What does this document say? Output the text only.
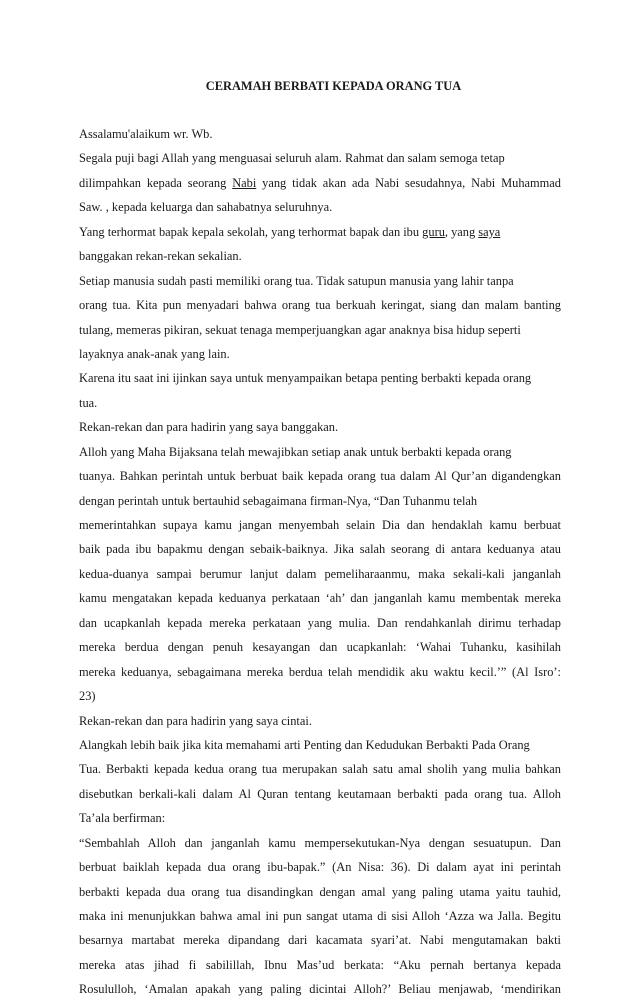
CERAMAH BERBATI KEPADA ORANG TUA
Assalamu'alaikum wr. Wb.
Segala puji bagi Allah yang menguasai seluruh alam. Rahmat dan salam semoga tetap
dilimpahkan kepada seorang Nabi yang tidak akan ada Nabi sesudahnya, Nabi Muhammad
Saw. , kepada keluarga dan sahabatnya seluruhnya.
Yang terhormat bapak kepala sekolah, yang terhormat bapak dan ibu guru, yang saya
banggakan rekan-rekan sekalian.
Setiap manusia sudah pasti memiliki orang tua. Tidak satupun manusia yang lahir tanpa
orang tua. Kita pun menyadari bahwa orang tua berkuah keringat, siang dan malam banting
tulang, memeras pikiran, sekuat tenaga memperjuangkan agar anaknya bisa hidup seperti
layaknya anak-anak yang lain.
Karena itu saat ini ijinkan saya untuk menyampaikan betapa penting berbakti kepada orang
tua.
Rekan-rekan dan para hadirin yang saya banggakan.
Alloh yang Maha Bijaksana telah mewajibkan setiap anak untuk berbakti kepada orang
tuanya. Bahkan perintah untuk berbuat baik kepada orang tua dalam Al Qur’an digandengkan
dengan perintah untuk bertauhid sebagaimana firman-Nya, “Dan Tuhanmu telah
memerintahkan supaya kamu jangan menyembah selain Dia dan hendaklah kamu berbuat
baik pada ibu bapakmu dengan sebaik-baiknya. Jika salah seorang di antara keduanya atau
kedua-duanya sampai berumur lanjut dalam pemeliharaanmu, maka sekali-kali janganlah
kamu mengatakan kepada keduanya perkataan ‘ah’ dan janganlah kamu membentak mereka
dan ucapkanlah kepada mereka perkataan yang mulia. Dan rendahkanlah dirimu terhadap
mereka berdua dengan penuh kesayangan dan ucapkanlah: ‘Wahai Tuhanku, kasihilah
mereka keduanya, sebagaimana mereka berdua telah mendidik aku waktu kecil.’” (Al Isro’:
23)
Rekan-rekan dan para hadirin yang saya cintai.
Alangkah lebih baik jika kita memahami arti Penting dan Kedudukan Berbakti Pada Orang
Tua. Berbakti kepada kedua orang tua merupakan salah satu amal sholih yang mulia bahkan
disebutkan berkali-kali dalam Al Quran tentang keutamaan berbakti pada orang tua. Alloh
Ta’ala berfirman:
“Sembahlah Alloh dan janganlah kamu mempersekutukan-Nya dengan sesuatupun. Dan
berbuat baiklah kepada dua orang ibu-bapak.” (An Nisa: 36). Di dalam ayat ini perintah
berbakti kepada dua orang tua disandingkan dengan amal yang paling utama yaitu tauhid,
maka ini menunjukkan bahwa amal ini pun sangat utama di sisi Alloh ‘Azza wa Jalla. Begitu
besarnya martabat mereka dipandang dari kacamata syari’at. Nabi mengutamakan bakti
mereka atas jihad fi sabilillah, Ibnu Mas’ud berkata: “Aku pernah bertanya kepada
Rosululloh, ‘Amalan apakah yang paling dicintai Alloh?’ Beliau menjawab, ‘mendirikan
